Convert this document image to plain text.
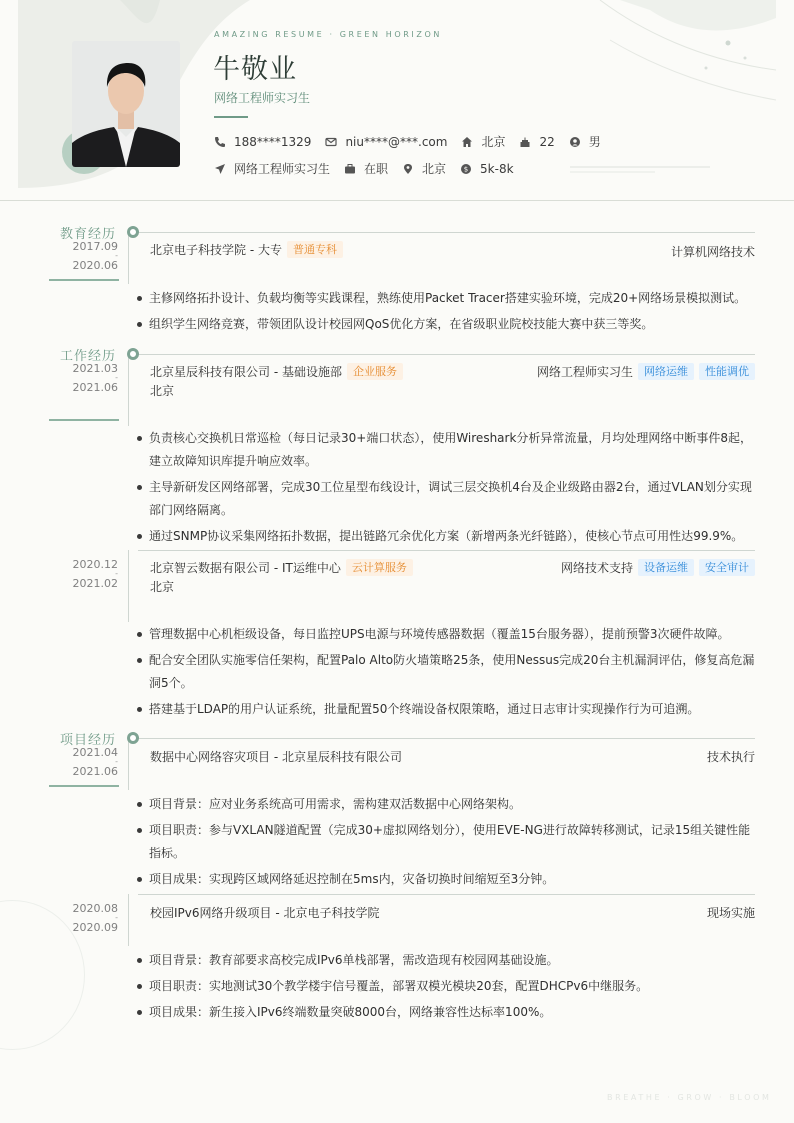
AMAZING RESUME · GREEN HORIZON
牛敬业
网络工程师实习生
188****1329	niu****@***.com	北京	22	男
网络工程师实习生	在职	北京	$ 5k-8k
教育经历
2017.09
-
2020.06
北京电子科技学院 - 大专	普通专科	计算机网络技术
主修网络拓扑设计、负载均衡等实践课程，熟练使用Packet Tracer搭建实验环境，完成20+网络场景模拟测试。
组织学生网络竞赛，带领团队设计校园网QoS优化方案，在省级职业院校技能大赛中获三等奖。
工作经历
2021.03
-
2021.06
北京星辰科技有限公司 - 基础设施部	企业服务
北京
网络工程师实习生	网络运维	性能调优
负责核心交换机日常巡检（每日记录30+端口状态），使用Wireshark分析异常流量，月均处理网络中断事件8起，建立故障知识库提升响应效率。
主导新研发区网络部署，完成30工位星型布线设计，调试三层交换机4台及企业级路由器2台，通过VLAN划分实现部门网络隔离。
通过SNMP协议采集网络拓扑数据，提出链路冗余优化方案（新增两条光纤链路），使核心节点可用性达99.9%。
2020.12
-
2021.02
北京智云数据有限公司 - IT运维中心	云计算服务
北京
网络技术支持	设备运维	安全审计
管理数据中心机柜级设备，每日监控UPS电源与环境传感器数据（覆盖15台服务器），提前预警3次硬件故障。
配合安全团队实施零信任架构，配置Palo Alto防火墙策略25条，使用Nessus完成20台主机漏洞评估，修复高危漏洞5个。
搭建基于LDAP的用户认证系统，批量配置50个终端设备权限策略，通过日志审计实现操作行为可追溯。
项目经历
2021.04
-
2021.06
数据中心网络容灾项目 - 北京星辰科技有限公司	技术执行
项目背景：应对业务系统高可用需求，需构建双活数据中心网络架构。
项目职责：参与VXLAN隧道配置（完成30+虚拟网络划分），使用EVE-NG进行故障转移测试，记录15组关键性能指标。
项目成果：实现跨区域网络延迟控制在5ms内，灾备切换时间缩短至3分钟。
2020.08
-
2020.09
校园IPv6网络升级项目 - 北京电子科技学院	现场实施
项目背景：教育部要求高校完成IPv6单栈部署，需改造现有校园网基础设施。
项目职责：实地测试30个教学楼宇信号覆盖，部署双模光模块20套，配置DHCPv6中继服务。
项目成果：新生接入IPv6终端数量突破8000台，网络兼容性达标率100%。
BREATHE · GROW · BLOOM
